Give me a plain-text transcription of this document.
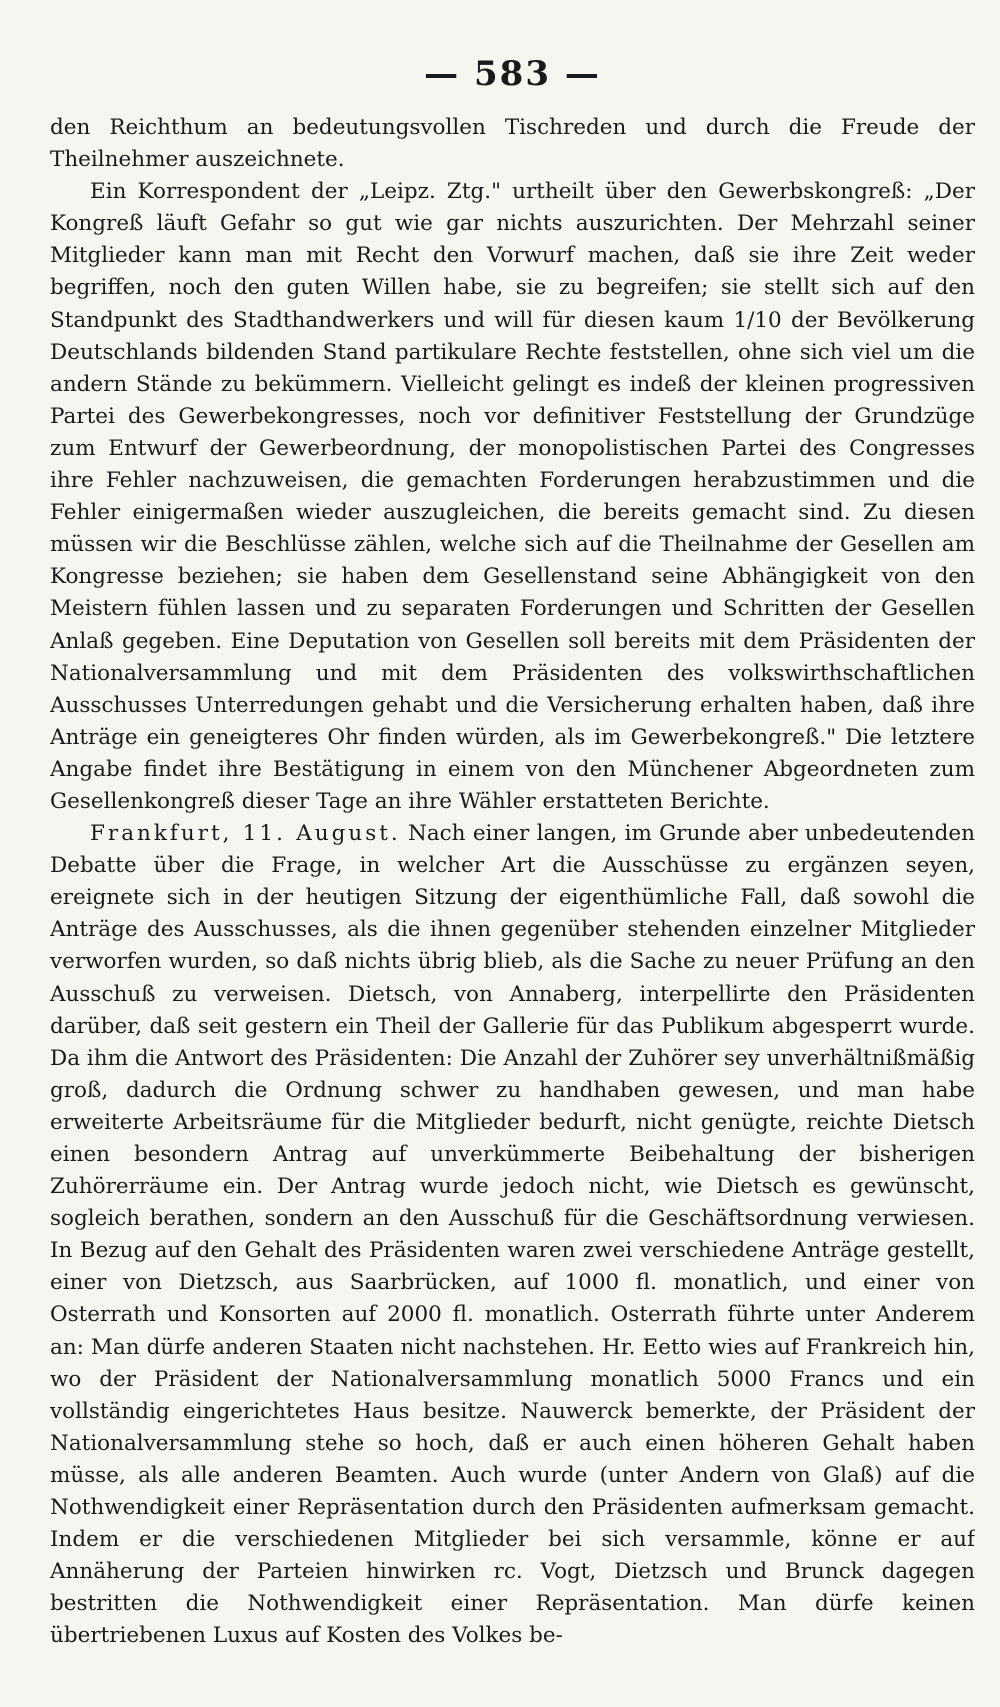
— 583 —

den Reichthum an bedeutungsvollen Tischreden und durch die Freude der Theilnehmer auszeichnete.

Ein Korrespondent der „Leipz. Ztg." urtheilt über den Gewerbskongreß: „Der Kongreß läuft Gefahr so gut wie gar nichts auszurichten. Der Mehrzahl seiner Mitglieder kann man mit Recht den Vorwurf machen, daß sie ihre Zeit weder begriffen, noch den guten Willen habe, sie zu begreifen; sie stellt sich auf den Standpunkt des Stadthandwerkers und will für diesen kaum 1/10 der Bevölkerung Deutschlands bildenden Stand partikulare Rechte feststellen, ohne sich viel um die andern Stände zu bekümmern. Vielleicht gelingt es indeß der kleinen progressiven Partei des Gewerbekongresses, noch vor definitiver Feststellung der Grundzüge zum Entwurf der Gewerbeordnung, der monopolistischen Partei des Congresses ihre Fehler nachzuweisen, die gemachten Forderungen herabzustimmen und die Fehler einigermaßen wieder auszugleichen, die bereits gemacht sind. Zu diesen müssen wir die Beschlüsse zählen, welche sich auf die Theilnahme der Gesellen am Kongresse beziehen; sie haben dem Gesellenstand seine Abhängigkeit von den Meistern fühlen lassen und zu separaten Forderungen und Schritten der Gesellen Anlaß gegeben. Eine Deputation von Gesellen soll bereits mit dem Präsidenten der Nationalversammlung und mit dem Präsidenten des volkswirthschaftlichen Ausschusses Unterredungen gehabt und die Versicherung erhalten haben, daß ihre Anträge ein geneigteres Ohr finden würden, als im Gewerbekongreß." Die letztere Angabe findet ihre Bestätigung in einem von den Münchener Abgeordneten zum Gesellenkongreß dieser Tage an ihre Wähler erstatteten Berichte.

Frankfurt, 11. August. Nach einer langen, im Grunde aber unbedeutenden Debatte über die Frage, in welcher Art die Ausschüsse zu ergänzen seyen, ereignete sich in der heutigen Sitzung der eigenthümliche Fall, daß sowohl die Anträge des Ausschusses, als die ihnen gegenüber stehenden einzelner Mitglieder verworfen wurden, so daß nichts übrig blieb, als die Sache zu neuer Prüfung an den Ausschuß zu verweisen. Dietsch, von Annaberg, interpellirte den Präsidenten darüber, daß seit gestern ein Theil der Gallerie für das Publikum abgesperrt wurde. Da ihm die Antwort des Präsidenten: Die Anzahl der Zuhörer sey unverhältnißmäßig groß, dadurch die Ordnung schwer zu handhaben gewesen, und man habe erweiterte Arbeitsräume für die Mitglieder bedurft, nicht genügte, reichte Dietsch einen besondern Antrag auf unverkümmerte Beibehaltung der bisherigen Zuhörerräume ein. Der Antrag wurde jedoch nicht, wie Dietsch es gewünscht, sogleich berathen, sondern an den Ausschuß für die Geschäftsordnung verwiesen. In Bezug auf den Gehalt des Präsidenten waren zwei verschiedene Anträge gestellt, einer von Dietzsch, aus Saarbrücken, auf 1000 fl. monatlich, und einer von Osterrath und Konsorten auf 2000 fl. monatlich. Osterrath führte unter Anderem an: Man dürfe anderen Staaten nicht nachstehen. Hr. Eetto wies auf Frankreich hin, wo der Präsident der Nationalversammlung monatlich 5000 Francs und ein vollständig eingerichtetes Haus besitze. Nauwerck bemerkte, der Präsident der Nationalversammlung stehe so hoch, daß er auch einen höheren Gehalt haben müsse, als alle anderen Beamten. Auch wurde (unter Andern von Glaß) auf die Nothwendigkeit einer Repräsentation durch den Präsidenten aufmerksam gemacht. Indem er die verschiedenen Mitglieder bei sich versammle, könne er auf Annäherung der Parteien hinwirken rc. Vogt, Dietzsch und Brunck dagegen bestritten die Nothwendigkeit einer Repräsentation. Man dürfe keinen übertriebenen Luxus auf Kosten des Volkes be-
